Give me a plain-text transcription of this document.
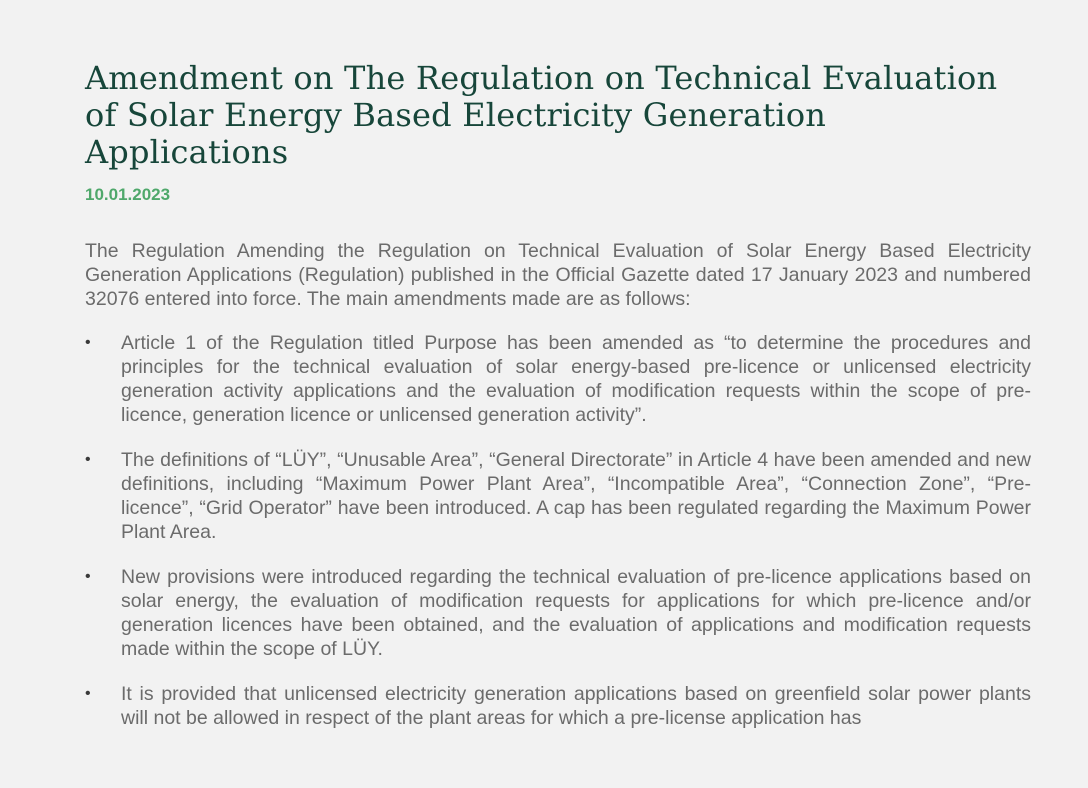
Amendment on The Regulation on Technical Evaluation of Solar Energy Based Electricity Generation Applications
10.01.2023

The Regulation Amending the Regulation on Technical Evaluation of Solar Energy Based Electricity Generation Applications (Regulation) published in the Official Gazette dated 17 January 2023 and numbered 32076 entered into force. The main amendments made are as follows:

• Article 1 of the Regulation titled Purpose has been amended as “to determine the procedures and principles for the technical evaluation of solar energy-based pre-licence or unlicensed electricity generation activity applications and the evaluation of modification requests within the scope of pre-licence, generation licence or unlicensed generation activity”.
• The definitions of “LÜY”, “Unusable Area”, “General Directorate” in Article 4 have been amended and new definitions, including “Maximum Power Plant Area”, “Incompatible Area”, “Connection Zone”, “Pre-licence”, “Grid Operator” have been introduced. A cap has been regulated regarding the Maximum Power Plant Area.
• New provisions were introduced regarding the technical evaluation of pre-licence applications based on solar energy, the evaluation of modification requests for applications for which pre-licence and/or generation licences have been obtained, and the evaluation of applications and modification requests made within the scope of LÜY.
• It is provided that unlicensed electricity generation applications based on greenfield solar power plants will not be allowed in respect of the plant areas for which a pre-license application has
